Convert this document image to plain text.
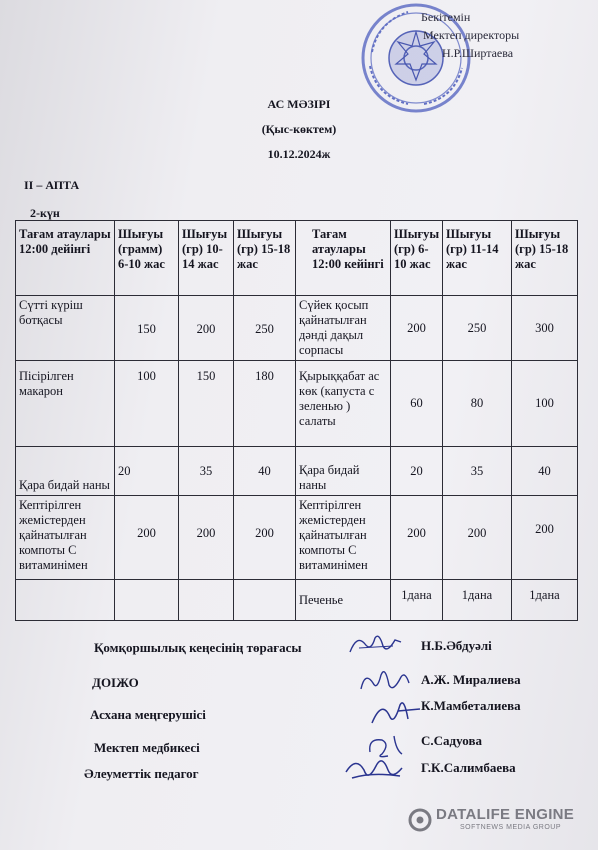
Бекітемін
Мектеп директоры
Н.Р.Ширтаева
АС МӘЗІРІ
(Қыс-көктем)
10.12.2024ж
II – АПТА
2-күн
Тағам атаулары 12:00 дейінгі	Шығуы (грамм) 6-10 жас	Шығуы (гр) 10-14 жас	Шығуы (гр) 15-18 жас	Тағам атаулары 12:00 кейінгі	Шығуы (гр) 6-10 жас	Шығуы (гр) 11-14 жас	Шығуы (гр) 15-18 жас
Сүтті күріш ботқасы	150	200	250	Сүйек қосып қайнатылған дәнді дақыл сорпасы	200	250	300
Пісірілген макарон	100	150	180	Қырыққабат ас көк (капуста с зеленью ) салаты	60	80	100
Қара бидай наны	20	35	40	Қара бидай наны	20	35	40
Кептірілген жемістерден қайнатылған компоты С витаминімен	200	200	200	Кептірілген жемістерден қайнатылған компоты С витаминімен	200	200	200
				Печенье	1дана	1дана	1дана
Қомқоршылық кеңесінің төрағасы	Н.Б.Әбдуәлі
ДОІЖО	А.Ж. Миралиева
Асхана меңгерушісі
К.Мамбеталиева
Мектеп медбикесі	С.Садуова
Әлеуметтік педагог	Г.К.Салимбаева
DATALIFE ENGINE
SOFTNEWS MEDIA GROUP
